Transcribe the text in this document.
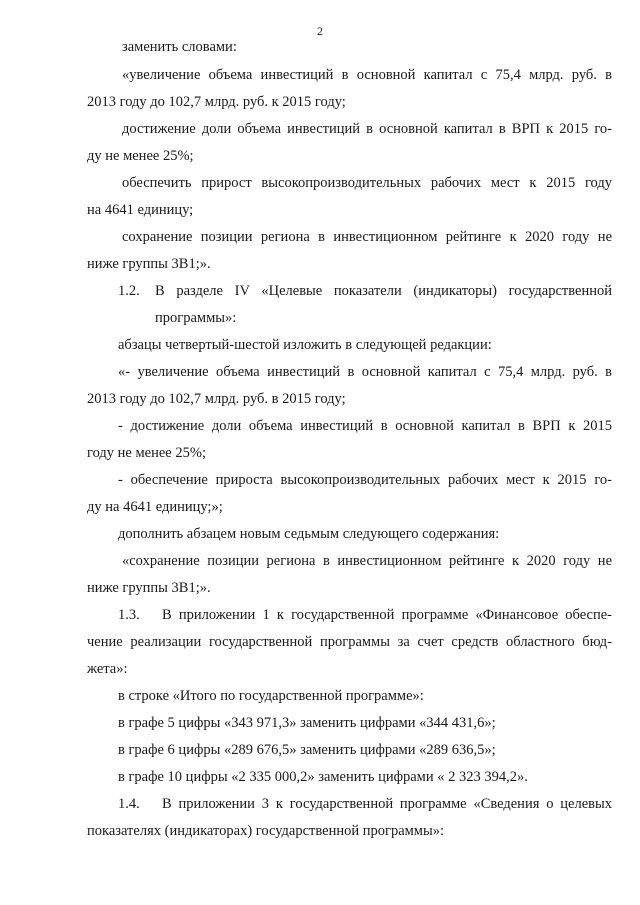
2
заменить словами:
«увеличение объема инвестиций в основной капитал с 75,4 млрд. руб. в
2013 году до 102,7 млрд. руб. к 2015 году;
достижение доли объема инвестиций в основной капитал в ВРП к 2015 го-
ду не менее 25%;
обеспечить прирост высокопроизводительных рабочих мест к 2015 году
на 4641 единицу;
сохранение позиции региона в инвестиционном рейтинге к 2020 году не
ниже группы 3В1;».
1.2. В разделе IV «Целевые показатели (индикаторы) государственной
программы»:
абзацы четвертый-шестой изложить в следующей редакции:
«- увеличение объема инвестиций в основной капитал с 75,4 млрд. руб. в
2013 году до 102,7 млрд. руб. в 2015 году;
- достижение доли объема инвестиций в основной капитал в ВРП к 2015
году не менее 25%;
- обеспечение прироста высокопроизводительных рабочих мест к 2015 го-
ду на 4641 единицу;»;
дополнить абзацем новым седьмым следующего содержания:
«сохранение позиции региона в инвестиционном рейтинге к 2020 году не
ниже группы 3В1;».
1.3. В приложении 1 к государственной программе «Финансовое обеспе-
чение реализации государственной программы за счет средств областного бюд-
жета»:
в строке «Итого по государственной программе»:
в графе 5 цифры «343 971,3» заменить цифрами «344 431,6»;
в графе 6 цифры «289 676,5» заменить цифрами «289 636,5»;
в графе 10 цифры «2 335 000,2» заменить цифрами « 2 323 394,2».
1.4. В приложении 3 к государственной программе «Сведения о целевых
показателях (индикаторах) государственной программы»:
